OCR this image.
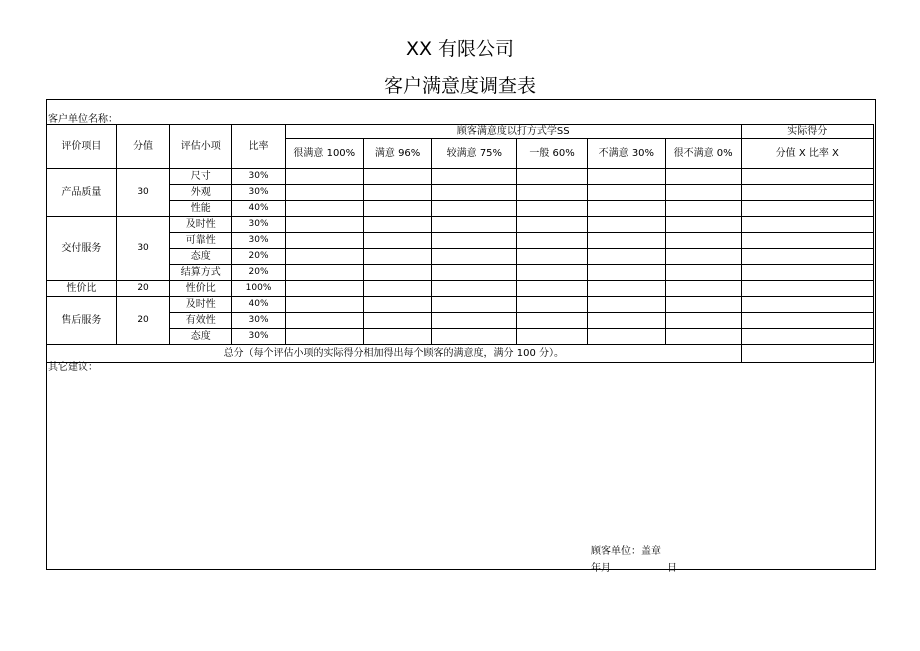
XX 有限公司
客户满意度调查表
客户单位名称：
评价项目	分值	评估小项	比率	顾客满意度以打方式学SS						实际得分
				很满意 100%	满意 96%	较满意 75%	一般 60%	不满意 30%	很不满意 0%	分值 X 比率 X
产品质量	30	尺寸	30%							
		外观	30%							
		性能	40%							
交付服务	30	及时性	30%							
		可靠性	30%							
		态度	20%							
		结算方式	20%							
性价比	20	性价比	100%							
售后服务	20	及时性	40%							
		有效性	30%							
		态度	30%							
总分（每个评估小项的实际得分相加得出每个顾客的满意度，满分 100 分）。										
其它建议：
顾客单位：盖章
年月	日
